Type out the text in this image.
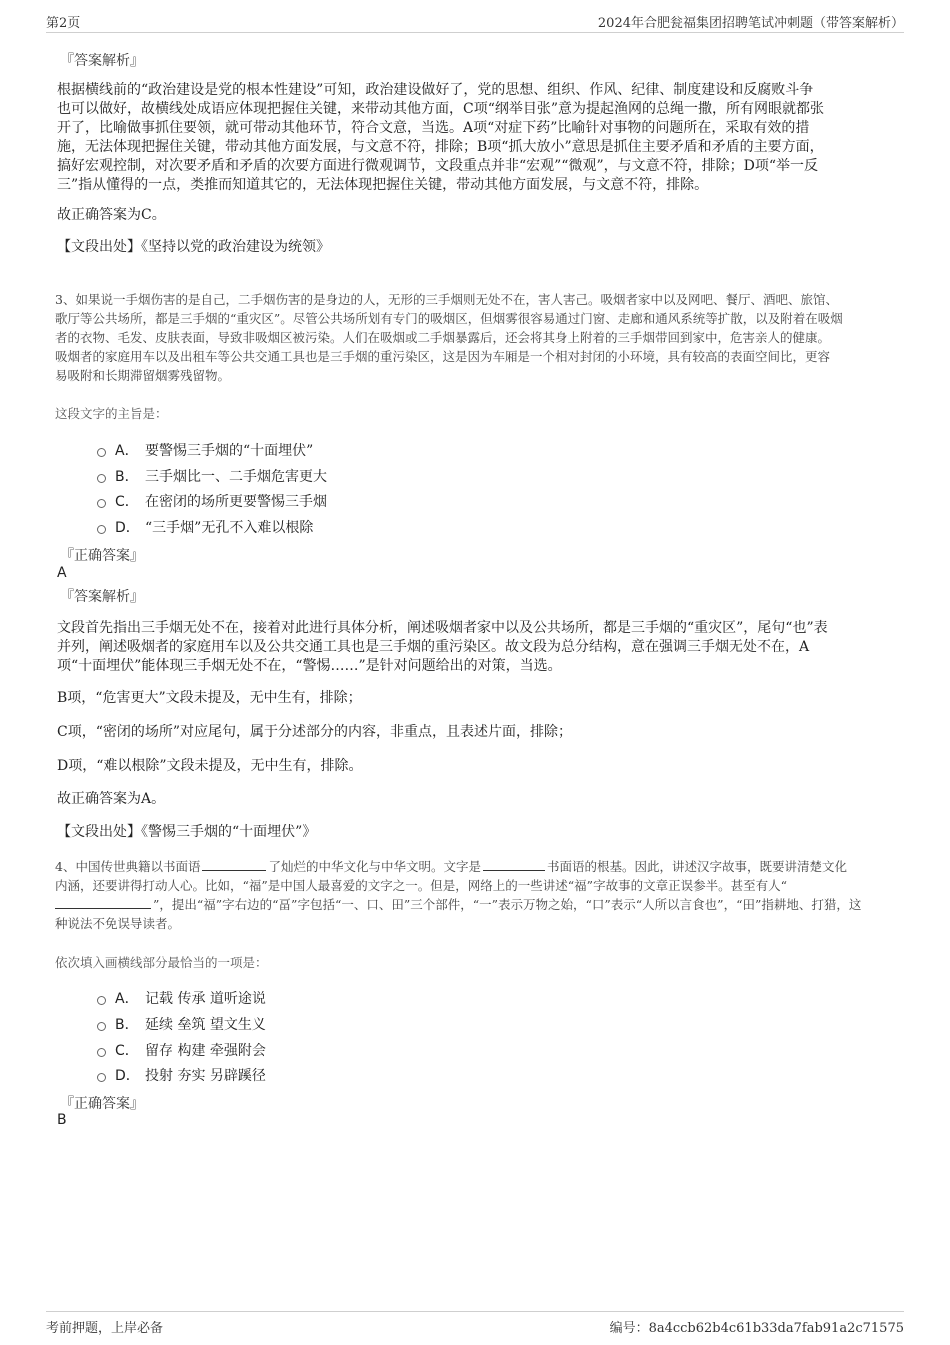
第2页	2024年合肥瓮福集团招聘笔试冲刺题（带答案解析）
『答案解析』
根据横线前的“政治建设是党的根本性建设”可知，政治建设做好了，党的思想、组织、作风、纪律、制度建设和反腐败斗争
也可以做好，故横线处成语应体现把握住关键，来带动其他方面，C项“纲举目张”意为提起渔网的总绳一撒，所有网眼就都张
开了，比喻做事抓住要领，就可带动其他环节，符合文意，当选。A项“对症下药”比喻针对事物的问题所在，采取有效的措
施，无法体现把握住关键，带动其他方面发展，与文意不符，排除；B项“抓大放小”意思是抓住主要矛盾和矛盾的主要方面，
搞好宏观控制，对次要矛盾和矛盾的次要方面进行微观调节，文段重点并非“宏观”“微观”，与文意不符，排除；D项“举一反
三”指从懂得的一点，类推而知道其它的，无法体现把握住关键，带动其他方面发展，与文意不符，排除。
故正确答案为C。
【文段出处】《坚持以党的政治建设为统领》
3、如果说一手烟伤害的是自己，二手烟伤害的是身边的人，无形的三手烟则无处不在，害人害己。吸烟者家中以及网吧、餐厅、酒吧、旅馆、
歌厅等公共场所，都是三手烟的“重灾区”。尽管公共场所划有专门的吸烟区，但烟雾很容易通过门窗、走廊和通风系统等扩散，以及附着在吸烟
者的衣物、毛发、皮肤表面，导致非吸烟区被污染。人们在吸烟或二手烟暴露后，还会将其身上附着的三手烟带回到家中，危害亲人的健康。
吸烟者的家庭用车以及出租车等公共交通工具也是三手烟的重污染区，这是因为车厢是一个相对封闭的小环境，具有较高的表面空间比，更容
易吸附和长期滞留烟雾残留物。
这段文字的主旨是：
A． 要警惕三手烟的“十面埋伏”
B． 三手烟比一、二手烟危害更大
C． 在密闭的场所更要警惕三手烟
D． “三手烟”无孔不入难以根除
『正确答案』
A
『答案解析』
文段首先指出三手烟无处不在，接着对此进行具体分析，阐述吸烟者家中以及公共场所，都是三手烟的“重灾区”，尾句“也”表
并列，阐述吸烟者的家庭用车以及公共交通工具也是三手烟的重污染区。故文段为总分结构，意在强调三手烟无处不在，A
项“十面埋伏”能体现三手烟无处不在，“警惕……”是针对问题给出的对策，当选。
B项，“危害更大”文段未提及，无中生有，排除；
C项，“密闭的场所”对应尾句，属于分述部分的内容，非重点，且表述片面，排除；
D项，“难以根除”文段未提及，无中生有，排除。
故正确答案为A。
【文段出处】《警惕三手烟的“十面埋伏”》
4、中国传世典籍以书面语	了灿烂的中华文化与中华文明。文字是	书面语的根基。因此，讲述汉字故事，既要讲清楚文化
内涵，还要讲得打动人心。比如，“福”是中国人最喜爱的文字之一。但是，网络上的一些讲述“福”字故事的文章正误参半。甚至有人“
”，提出“福”字右边的“畐”字包括“一、口、田”三个部件，“一”表示万物之始，“口”表示“人所以言食也”，“田”指耕地、打猎，这
种说法不免误导读者。
依次填入画横线部分最恰当的一项是：
A． 记载 传承 道听途说
B． 延续 垒筑 望文生义
C． 留存 构建 牵强附会
D． 投射 夯实 另辟蹊径
『正确答案』
B
考前押题，上岸必备	编号：8a4ccb62b4c61b33da7fab91a2c71575
